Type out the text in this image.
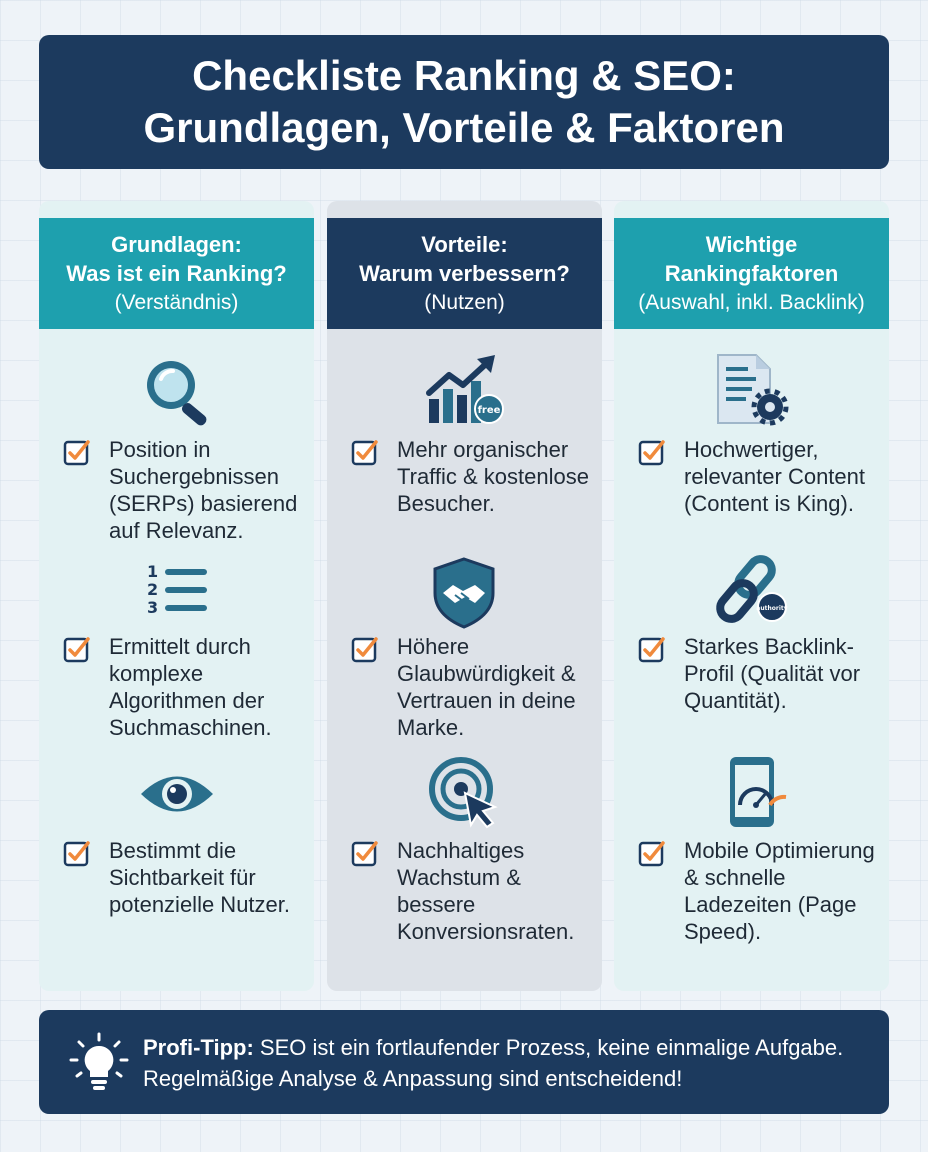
Checkliste Ranking & SEO:
Grundlagen, Vorteile & Faktoren
Grundlagen:
Was ist ein Ranking?
(Verständnis)
Position in Suchergebnissen (SERPs) basierend auf Relevanz.
1
2
3
Ermittelt durch komplexe Algorithmen der Suchmaschinen.
Bestimmt die Sichtbarkeit für potenzielle Nutzer.
Vorteile:
Warum verbessern?
(Nutzen)
free
Mehr organischer Traffic & kostenlose Besucher.
Höhere Glaubwürdigkeit & Vertrauen in deine Marke.
Nachhaltiges Wachstum & bessere Konversionsraten.
Wichtige
Rankingfaktoren
(Auswahl, inkl. Backlink)
Hochwertiger, relevanter Content (Content is King).
authority
Starkes Backlink-Profil (Qualität vor Quantität).
Mobile Optimierung & schnelle Ladezeiten (Page Speed).
Profi-Tipp: SEO ist ein fortlaufender Prozess, keine einmalige Aufgabe. Regelmäßige Analyse & Anpassung sind entscheidend!
